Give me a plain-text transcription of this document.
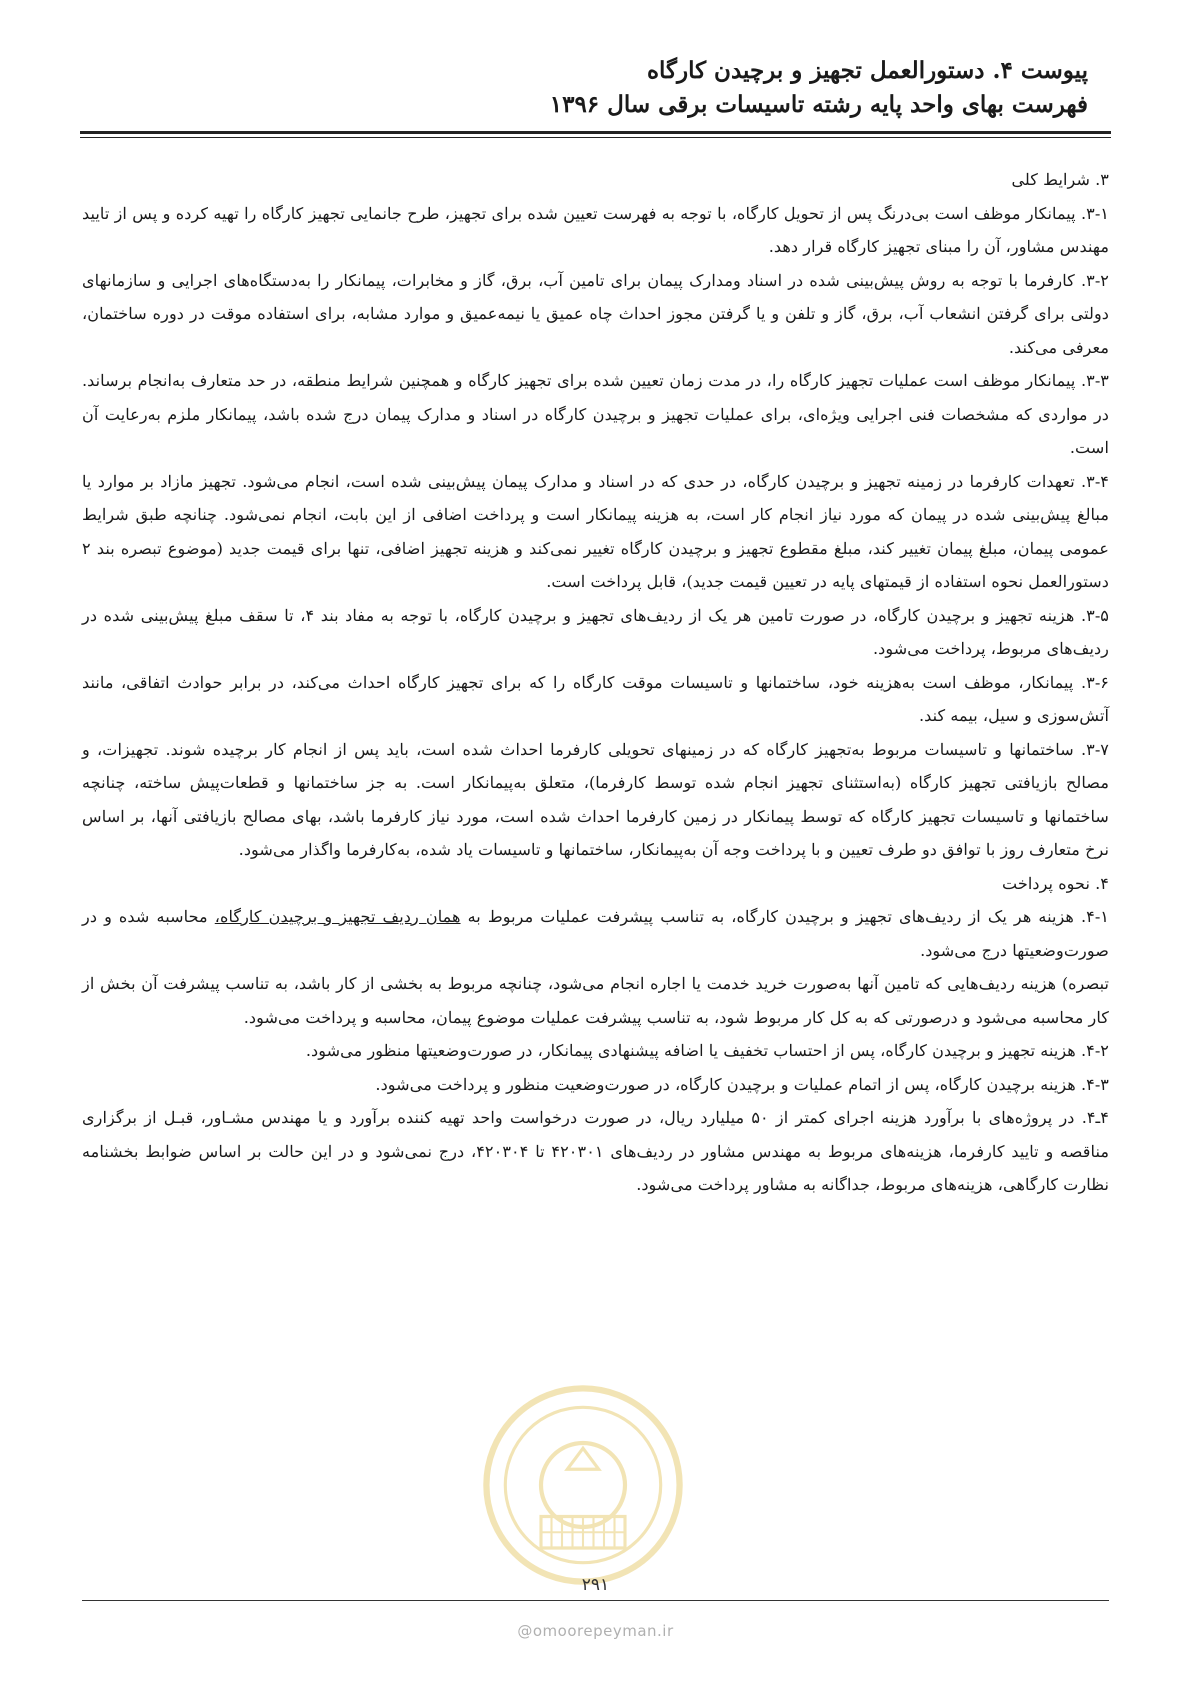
پیوست ۴. دستورالعمل تجهیز و برچیدن کارگاه
فهرست بهای واحد پایه رشته تاسیسات برقی سال ۱۳۹۶

۳. شرایط کلی

۳-۱. پیمانکار موظف است بی‌درنگ پس از تحویل کارگاه، با توجه به فهرست تعیین شده برای تجهیز، طرح جانمایی تجهیز کارگاه را تهیه کرده و پس از تایید مهندس مشاور، آن را مبنای تجهیز کارگاه قرار دهد.

۳-۲. کارفرما با توجه به روش پیش‌بینی شده در اسناد ومدارک پیمان برای تامین آب، برق، گاز و مخابرات، پیمانکار را به‌دستگاه‌های اجرایی و سازمانهای دولتی برای گرفتن انشعاب آب، برق، گاز و تلفن و یا گرفتن مجوز احداث چاه عمیق یا نیمه‌عمیق و موارد مشابه، برای استفاده موقت در دوره ساختمان، معرفی می‌کند.

۳-۳. پیمانکار موظف است عملیات تجهیز کارگاه را، در مدت زمان تعیین شده برای تجهیز کارگاه و همچنین شرایط منطقه، در حد متعارف به‌انجام برساند. در مواردی که مشخصات فنی اجرایی ویژه‌ای، برای عملیات تجهیز و برچیدن کارگاه در اسناد و مدارک پیمان درج شده باشد، پیمانکار ملزم به‌رعایت آن است.

۳-۴. تعهدات کارفرما در زمینه تجهیز و برچیدن کارگاه، در حدی که در اسناد و مدارک پیمان پیش‌بینی شده است، انجام می‌شود. تجهیز مازاد بر موارد یا مبالغ پیش‌بینی شده در پیمان که مورد نیاز انجام کار است، به هزینه پیمانکار است و پرداخت اضافی از این بابت، انجام نمی‌شود. چنانچه طبق شرایط عمومی پیمان، مبلغ پیمان تغییر کند، مبلغ مقطوع تجهیز و برچیدن کارگاه تغییر نمی‌کند و هزینه تجهیز اضافی، تنها برای قیمت جدید (موضوع تبصره بند ۲ دستورالعمل نحوه استفاده از قیمتهای پایه در تعیین قیمت جدید)، قابل پرداخت است.

۳-۵. هزینه تجهیز و برچیدن کارگاه، در صورت تامین هر یک از ردیف‌های تجهیز و برچیدن کارگاه، با توجه به مفاد بند ۴، تا سقف مبلغ پیش‌بینی شده در ردیف‌های مربوط، پرداخت می‌شود.

۳-۶. پیمانکار، موظف است به‌هزینه خود، ساختمانها و تاسیسات موقت کارگاه را که برای تجهیز کارگاه احداث می‌کند، در برابر حوادث اتفاقی، مانند آتش‌سوزی و سیل، بیمه کند.

۳-۷. ساختمانها و تاسیسات مربوط به‌تجهیز کارگاه که در زمینهای تحویلی کارفرما احداث شده است، باید پس از انجام کار برچیده شوند. تجهیزات، و مصالح بازیافتی تجهیز کارگاه (به‌استثنای تجهیز انجام شده توسط کارفرما)، متعلق به‌پیمانکار است. به جز ساختمانها و قطعات‌پیش ساخته، چنانچه ساختمانها و تاسیسات تجهیز کارگاه که توسط پیمانکار در زمین کارفرما احداث شده است، مورد نیاز کارفرما باشد، بهای مصالح بازیافتی آنها، بر اساس نرخ متعارف روز با توافق دو طرف تعیین و با پرداخت وجه آن به‌پیمانکار، ساختمانها و تاسیسات یاد شده، به‌کارفرما واگذار می‌شود.

۴. نحوه پرداخت

۴-۱. هزینه هر یک از ردیف‌های تجهیز و برچیدن کارگاه، به تناسب پیشرفت عملیات مربوط به همان ردیف تجهیز و برچیدن کارگاه، محاسبه شده و در صورت‌وضعیتها درج می‌شود.

تبصره) هزینه ردیف‌هایی که تامین آنها به‌صورت خرید خدمت یا اجاره انجام می‌شود، چنانچه مربوط به بخشی از کار باشد، به تناسب پیشرفت آن بخش از کار محاسبه می‌شود و درصورتی که به کل کار مربوط شود، به تناسب پیشرفت عملیات موضوع پیمان، محاسبه و پرداخت می‌شود.

۴-۲. هزینه تجهیز و برچیدن کارگاه، پس از احتساب تخفیف یا اضافه پیشنهادی پیمانکار، در صورت‌وضعیتها منظور می‌شود.

۴-۳. هزینه برچیدن کارگاه، پس از اتمام عملیات و برچیدن کارگاه، در صورت‌وضعیت منظور و پرداخت می‌شود.

۴ـ۴. در پروژه‌های با برآورد هزینه اجرای کمتر از ۵۰ میلیارد ریال، در صورت درخواست واحد تهیه کننده برآورد و یا مهندس مشـاور، قبـل از برگزاری مناقصه و تایید کارفرما، هزینه‌های مربوط به مهندس مشاور در ردیف‌های ۴۲۰۳۰۱ تا ۴۲۰۳۰۴، درج نمی‌شود و در این حالت بر اساس ضوابط بخشنامه نظارت کارگاهی، هزینه‌های مربوط، جداگانه به مشاور پرداخت می‌شود.

۲۹۱
@omoorepeyman.ir
